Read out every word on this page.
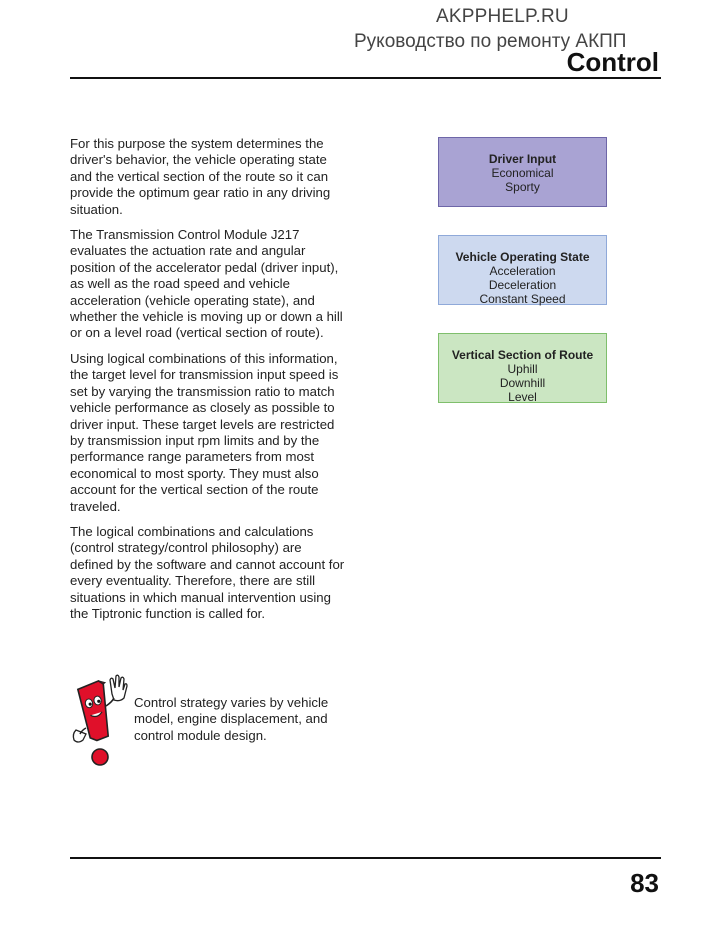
AKPPHELP.RU
Руководство по ремонту АКПП
Control

For this purpose the system determines the driver's behavior, the vehicle operating state and the vertical section of the route so it can provide the optimum gear ratio in any driving situation.

The Transmission Control Module J217 evaluates the actuation rate and angular position of the accelerator pedal (driver input), as well as the road speed and vehicle acceleration (vehicle operating state), and whether the vehicle is moving up or down a hill or on a level road (vertical section of route).

Using logical combinations of this information, the target level for transmission input speed is set by varying the transmission ratio to match vehicle performance as closely as possible to driver input. These target levels are restricted by transmission input rpm limits and by the performance range parameters from most economical to most sporty. They must also account for the vertical section of the route traveled.

The logical combinations and calculations (control strategy/control philosophy) are defined by the software and cannot account for every eventuality. Therefore, there are still situations in which manual intervention using the Tiptronic function is called for.

Driver Input
Economical
Sporty
Vehicle Operating State
Acceleration
Deceleration
Constant Speed
Vertical Section of Route
Uphill
Downhill
Level
Control strategy varies by vehicle model, engine displacement, and control module design.
83
